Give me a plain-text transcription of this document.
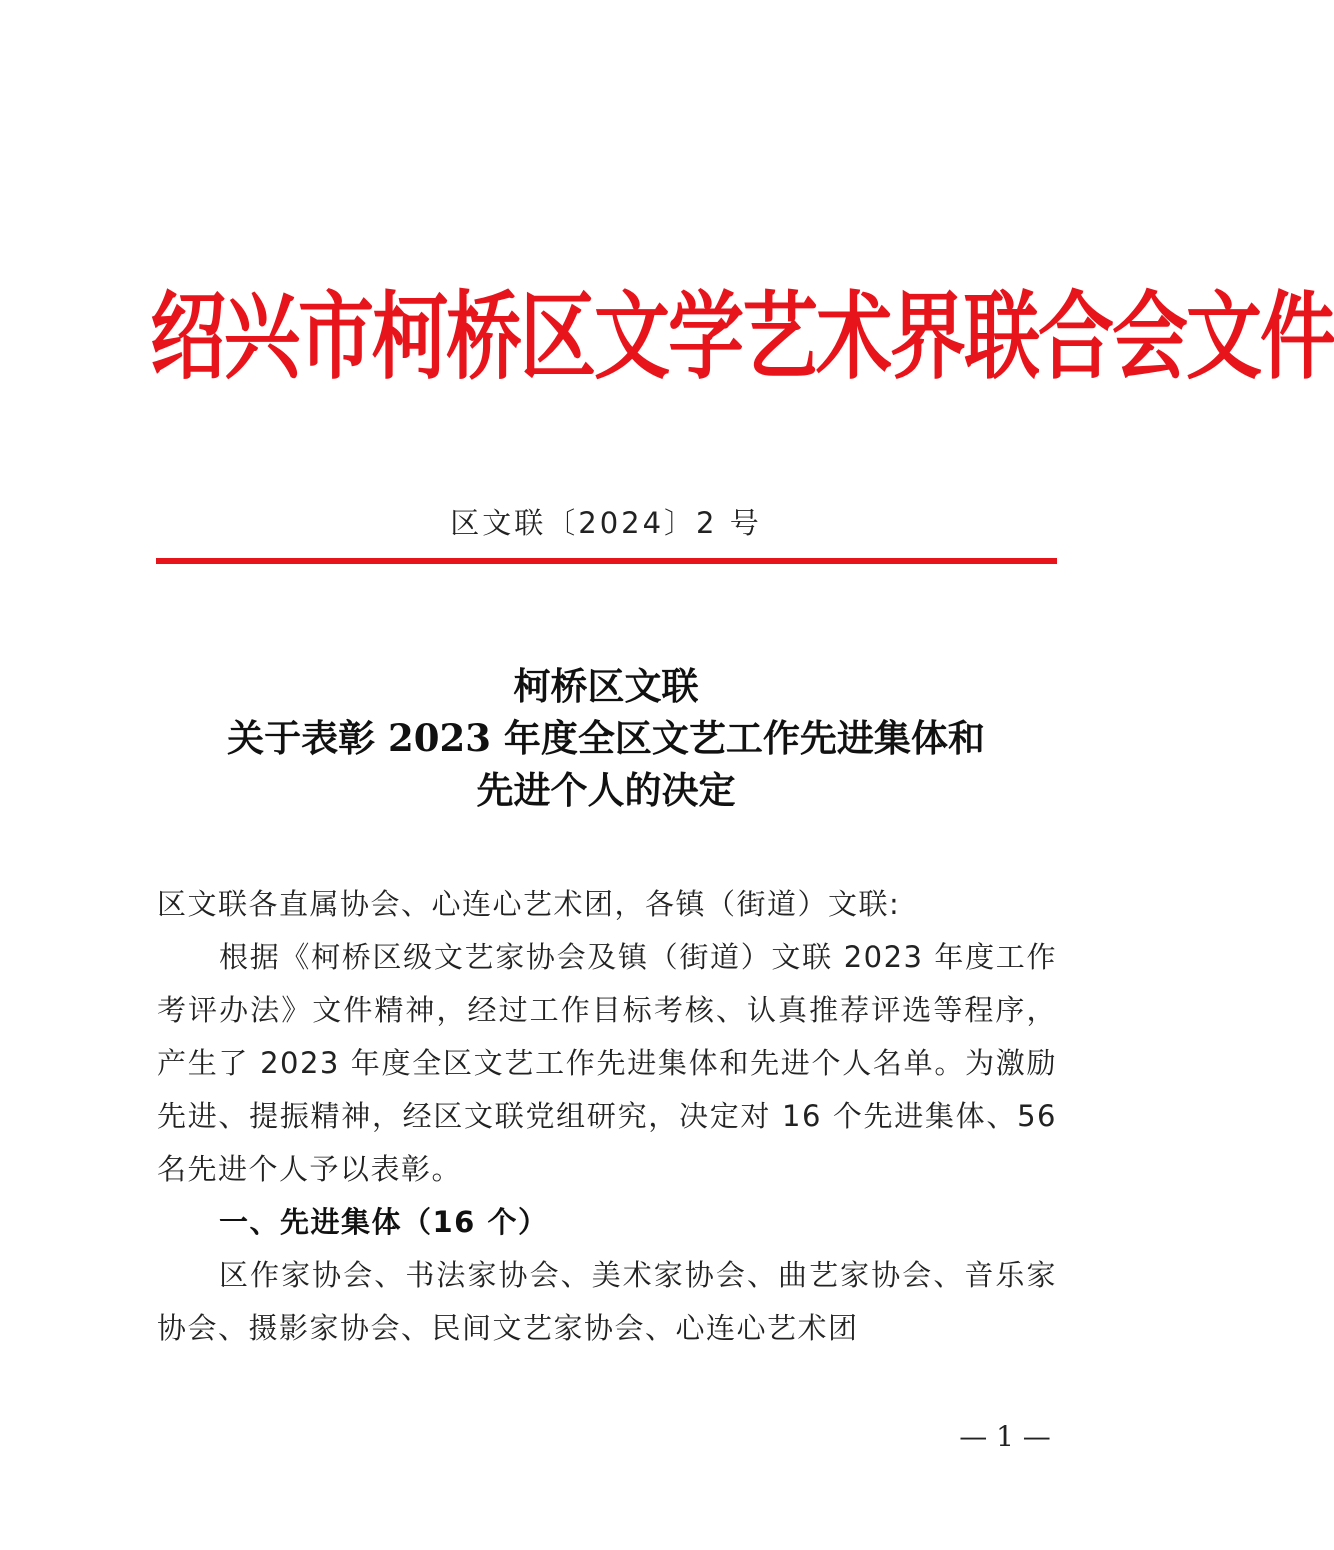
绍兴市柯桥区文学艺术界联合会文件
区文联〔2024〕2 号
柯桥区文联
关于表彰 2023 年度全区文艺工作先进集体和
先进个人的决定

区文联各直属协会、心连心艺术团，各镇（街道）文联:

根据《柯桥区级文艺家协会及镇（街道）文联 2023 年度工作考评办法》文件精神，经过工作目标考核、认真推荐评选等程序，产生了 2023 年度全区文艺工作先进集体和先进个人名单。为激励先进、提振精神，经区文联党组研究，决定对 16 个先进集体、56 名先进个人予以表彰。

一、先进集体（16 个）

区作家协会、书法家协会、美术家协会、曲艺家协会、音乐家协会、摄影家协会、民间文艺家协会、心连心艺术团

— 1 —
